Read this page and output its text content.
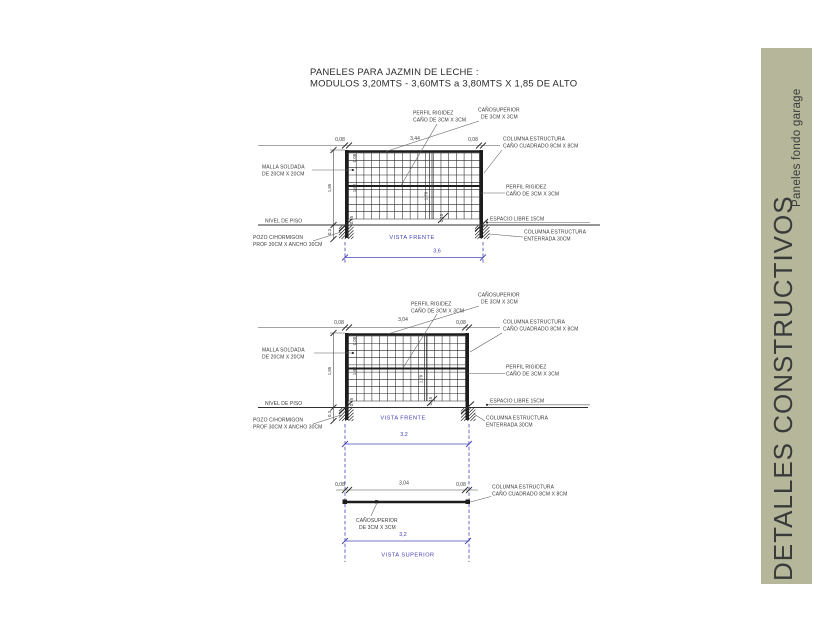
PANELES PARA JAZMIN DE LECHE :
MODULOS 3,20MTS - 3,60MTS a 3,80MTS X 1,85 DE ALTO
DETALLES CONSTRUCTIVOS
Paneles fondo garage
0,08	3,44	0,08
0,08
1,62
0,15
1,78
0,15
1,85
0,3
PERFIL RIGIDEZ
CAÑO DE 3CM X 3CM
CAÑOSUPERIOR
DE 3CM X 3CM
COLUMNA ESTRUCTURA
CAÑO CUADRADO 8CM X 8CM
PERFIL RIGIDEZ
CAÑO DE 3CM X 3CM
MALLA SOLDADA
DE 20CM X 20CM
NIVEL DE PISO
POZO C/HORMIGON
PROF 30CM X ANCHO 30CM
ESPACIO LIBRE 15CM
COLUMNA ESTRUCTURA
ENTERRADA 30CM
3,6
VISTA FRENTE
0,08	3,04	0,08
0,08
1,62
0,15
1,78
0,15
1,85
0,3
PERFIL RIGIDEZ
CAÑO DE 3CM X 3CM
CAÑOSUPERIOR
DE 3CM X 3CM
COLUMNA ESTRUCTURA
CAÑO CUADRADO 8CM X 8CM
PERFIL RIGIDEZ
CAÑO DE 3CM X 3CM
MALLA SOLDADA
DE 20CM X 20CM
NIVEL DE PISO
POZO C/HORMIGON
PROF 30CM X ANCHO 30CM
ESPACIO LIBRE 15CM
COLUMNA ESTRUCTURA
ENTERRADA 30CM
3,2
VISTA FRENTE
0,08	3,04	0,08
CAÑOSUPERIOR
DE 3CM X 3CM
COLUMNA ESTRUCTURA
CAÑO CUADRADO 8CM X 8CM
3,2
VISTA SUPERIOR
